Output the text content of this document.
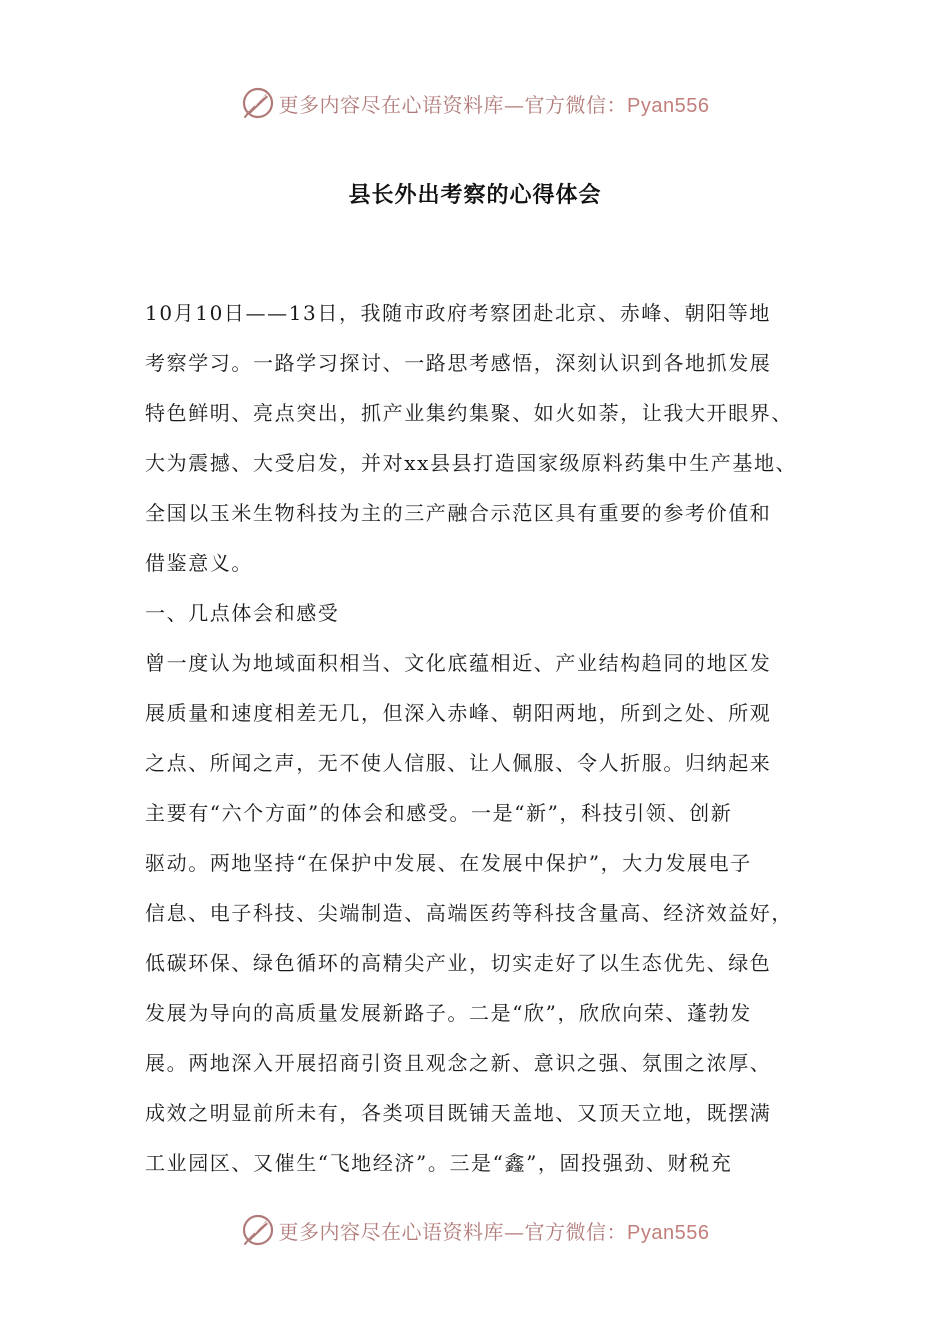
更多内容尽在心语资料库—官方微信：Pyan556
县长外出考察的心得体会
10月10日——13日，我随市政府考察团赴北京、赤峰、朝阳等地
考察学习。一路学习探讨、一路思考感悟，深刻认识到各地抓发展
特色鲜明、亮点突出，抓产业集约集聚、如火如荼，让我大开眼界、
大为震撼、大受启发，并对xx县县打造国家级原料药集中生产基地、
全国以玉米生物科技为主的三产融合示范区具有重要的参考价值和
借鉴意义。
一、几点体会和感受
曾一度认为地域面积相当、文化底蕴相近、产业结构趋同的地区发
展质量和速度相差无几，但深入赤峰、朝阳两地，所到之处、所观
之点、所闻之声，无不使人信服、让人佩服、令人折服。归纳起来
主要有“六个方面”的体会和感受。一是“新”，科技引领、创新
驱动。两地坚持“在保护中发展、在发展中保护”，大力发展电子
信息、电子科技、尖端制造、高端医药等科技含量高、经济效益好，
低碳环保、绿色循环的高精尖产业，切实走好了以生态优先、绿色
发展为导向的高质量发展新路子。二是“欣”，欣欣向荣、蓬勃发
展。两地深入开展招商引资且观念之新、意识之强、氛围之浓厚、
成效之明显前所未有，各类项目既铺天盖地、又顶天立地，既摆满
工业园区、又催生“飞地经济”。三是“鑫”，固投强劲、财税充
更多内容尽在心语资料库—官方微信：Pyan556
